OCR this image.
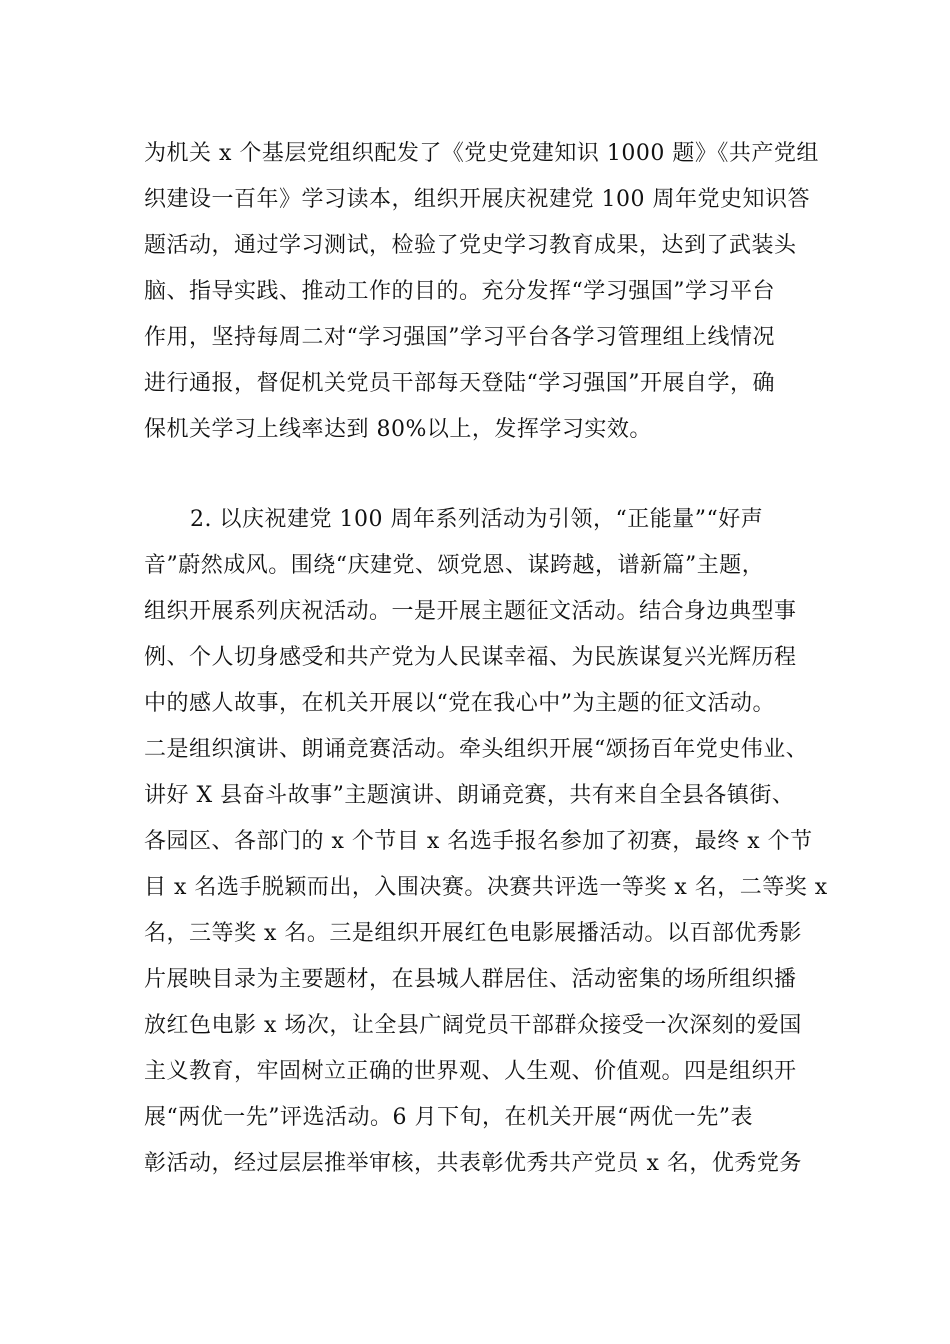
为机关 x 个基层党组织配发了《党史党建知识 1000 题》《共产党组
织建设一百年》学习读本，组织开展庆祝建党 100 周年党史知识答
题活动，通过学习测试，检验了党史学习教育成果，达到了武装头
脑、指导实践、推动工作的目的。充分发挥“学习强国”学习平台
作用，坚持每周二对“学习强国”学习平台各学习管理组上线情况
进行通报，督促机关党员干部每天登陆“学习强国”开展自学，确
保机关学习上线率达到 80%以上，发挥学习实效。
2. 以庆祝建党 100 周年系列活动为引领，“正能量”“好声
音”蔚然成风。围绕“庆建党、颂党恩、谋跨越，谱新篇”主题，
组织开展系列庆祝活动。一是开展主题征文活动。结合身边典型事
例、个人切身感受和共产党为人民谋幸福、为民族谋复兴光辉历程
中的感人故事，在机关开展以“党在我心中”为主题的征文活动。
二是组织演讲、朗诵竞赛活动。牵头组织开展“颂扬百年党史伟业、
讲好 X 县奋斗故事”主题演讲、朗诵竞赛，共有来自全县各镇街、
各园区、各部门的 x 个节目 x 名选手报名参加了初赛，最终 x 个节
目 x 名选手脱颖而出，入围决赛。决赛共评选一等奖 x 名，二等奖 x
名，三等奖 x 名。三是组织开展红色电影展播活动。以百部优秀影
片展映目录为主要题材，在县城人群居住、活动密集的场所组织播
放红色电影 x 场次，让全县广阔党员干部群众接受一次深刻的爱国
主义教育，牢固树立正确的世界观、人生观、价值观。四是组织开
展“两优一先”评选活动。6 月下旬，在机关开展“两优一先”表
彰活动，经过层层推举审核，共表彰优秀共产党员 x 名，优秀党务
